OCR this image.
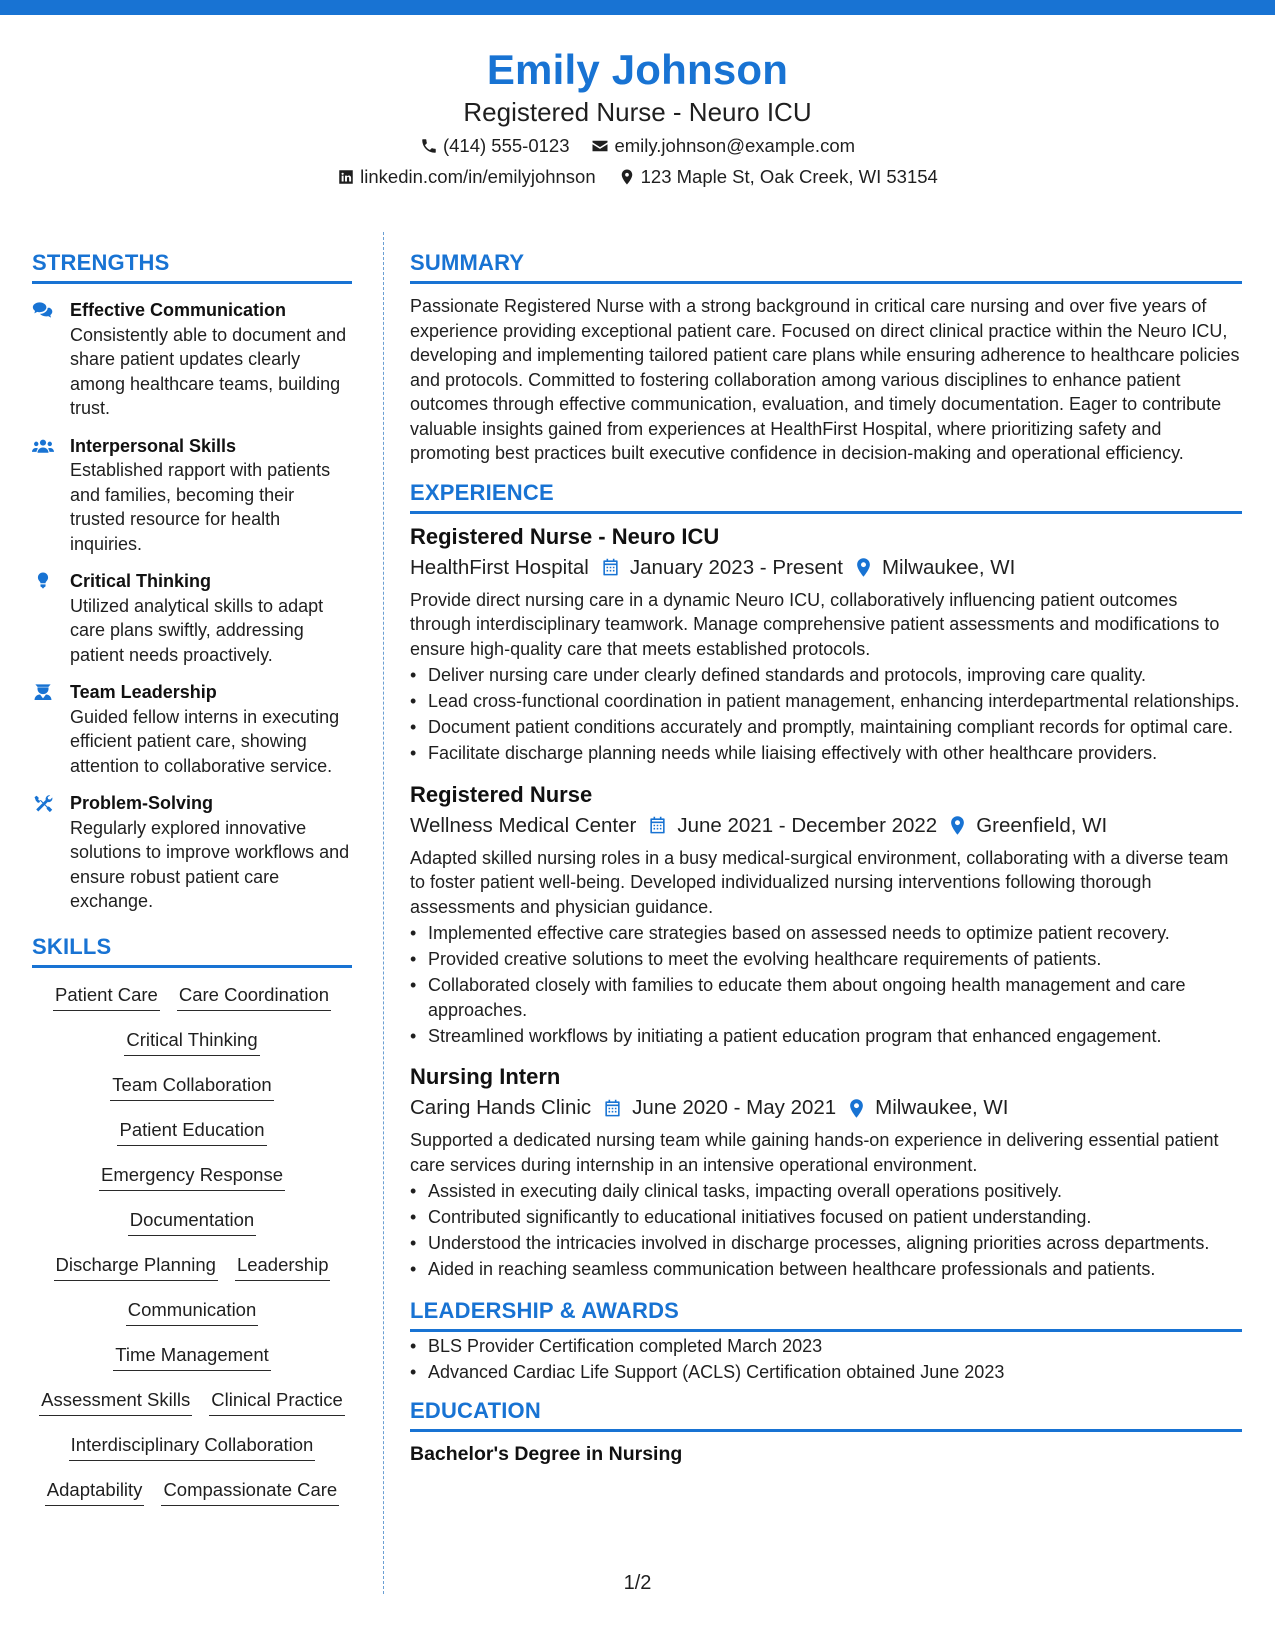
Emily Johnson
Registered Nurse - Neuro ICU
(414) 555-0123 emily.johnson@example.com
linkedin.com/in/emilyjohnson 123 Maple St, Oak Creek, WI 53154
STRENGTHS
Effective Communication
Consistently able to document and share patient updates clearly among healthcare teams, building trust.
Interpersonal Skills
Established rapport with patients and families, becoming their trusted resource for health inquiries.
Critical Thinking
Utilized analytical skills to adapt care plans swiftly, addressing patient needs proactively.
Team Leadership
Guided fellow interns in executing efficient patient care, showing attention to collaborative service.
Problem-Solving
Regularly explored innovative solutions to improve workflows and ensure robust patient care exchange.
SKILLS
Patient Care Care Coordination
Critical Thinking
Team Collaboration
Patient Education
Emergency Response
Documentation
Discharge Planning Leadership
Communication
Time Management
Assessment Skills Clinical Practice
Interdisciplinary Collaboration
Adaptability Compassionate Care
SUMMARY

Passionate Registered Nurse with a strong background in critical care nursing and over five years of experience providing exceptional patient care. Focused on direct clinical practice within the Neuro ICU, developing and implementing tailored patient care plans while ensuring adherence to healthcare policies and protocols. Committed to fostering collaboration among various disciplines to enhance patient outcomes through effective communication, evaluation, and timely documentation. Eager to contribute valuable insights gained from experiences at HealthFirst Hospital, where prioritizing safety and promoting best practices built executive confidence in decision-making and operational efficiency.

EXPERIENCE
Registered Nurse - Neuro ICU
HealthFirst Hospital January 2023 - Present Milwaukee, WI

Provide direct nursing care in a dynamic Neuro ICU, collaboratively influencing patient outcomes through interdisciplinary teamwork. Manage comprehensive patient assessments and modifications to ensure high-quality care that meets established protocols.

• Deliver nursing care under clearly defined standards and protocols, improving care quality.
• Lead cross-functional coordination in patient management, enhancing interdepartmental relationships.
• Document patient conditions accurately and promptly, maintaining compliant records for optimal care.
• Facilitate discharge planning needs while liaising effectively with other healthcare providers.
Registered Nurse
Wellness Medical Center June 2021 - December 2022 Greenfield, WI

Adapted skilled nursing roles in a busy medical-surgical environment, collaborating with a diverse team to foster patient well-being. Developed individualized nursing interventions following thorough assessments and physician guidance.

• Implemented effective care strategies based on assessed needs to optimize patient recovery.
• Provided creative solutions to meet the evolving healthcare requirements of patients.
• Collaborated closely with families to educate them about ongoing health management and care approaches.
• Streamlined workflows by initiating a patient education program that enhanced engagement.
Nursing Intern
Caring Hands Clinic June 2020 - May 2021 Milwaukee, WI

Supported a dedicated nursing team while gaining hands-on experience in delivering essential patient care services during internship in an intensive operational environment.

• Assisted in executing daily clinical tasks, impacting overall operations positively.
• Contributed significantly to educational initiatives focused on patient understanding.
• Understood the intricacies involved in discharge processes, aligning priorities across departments.
• Aided in reaching seamless communication between healthcare professionals and patients.
LEADERSHIP & AWARDS
• BLS Provider Certification completed March 2023
• Advanced Cardiac Life Support (ACLS) Certification obtained June 2023
EDUCATION
Bachelor's Degree in Nursing
1/2
